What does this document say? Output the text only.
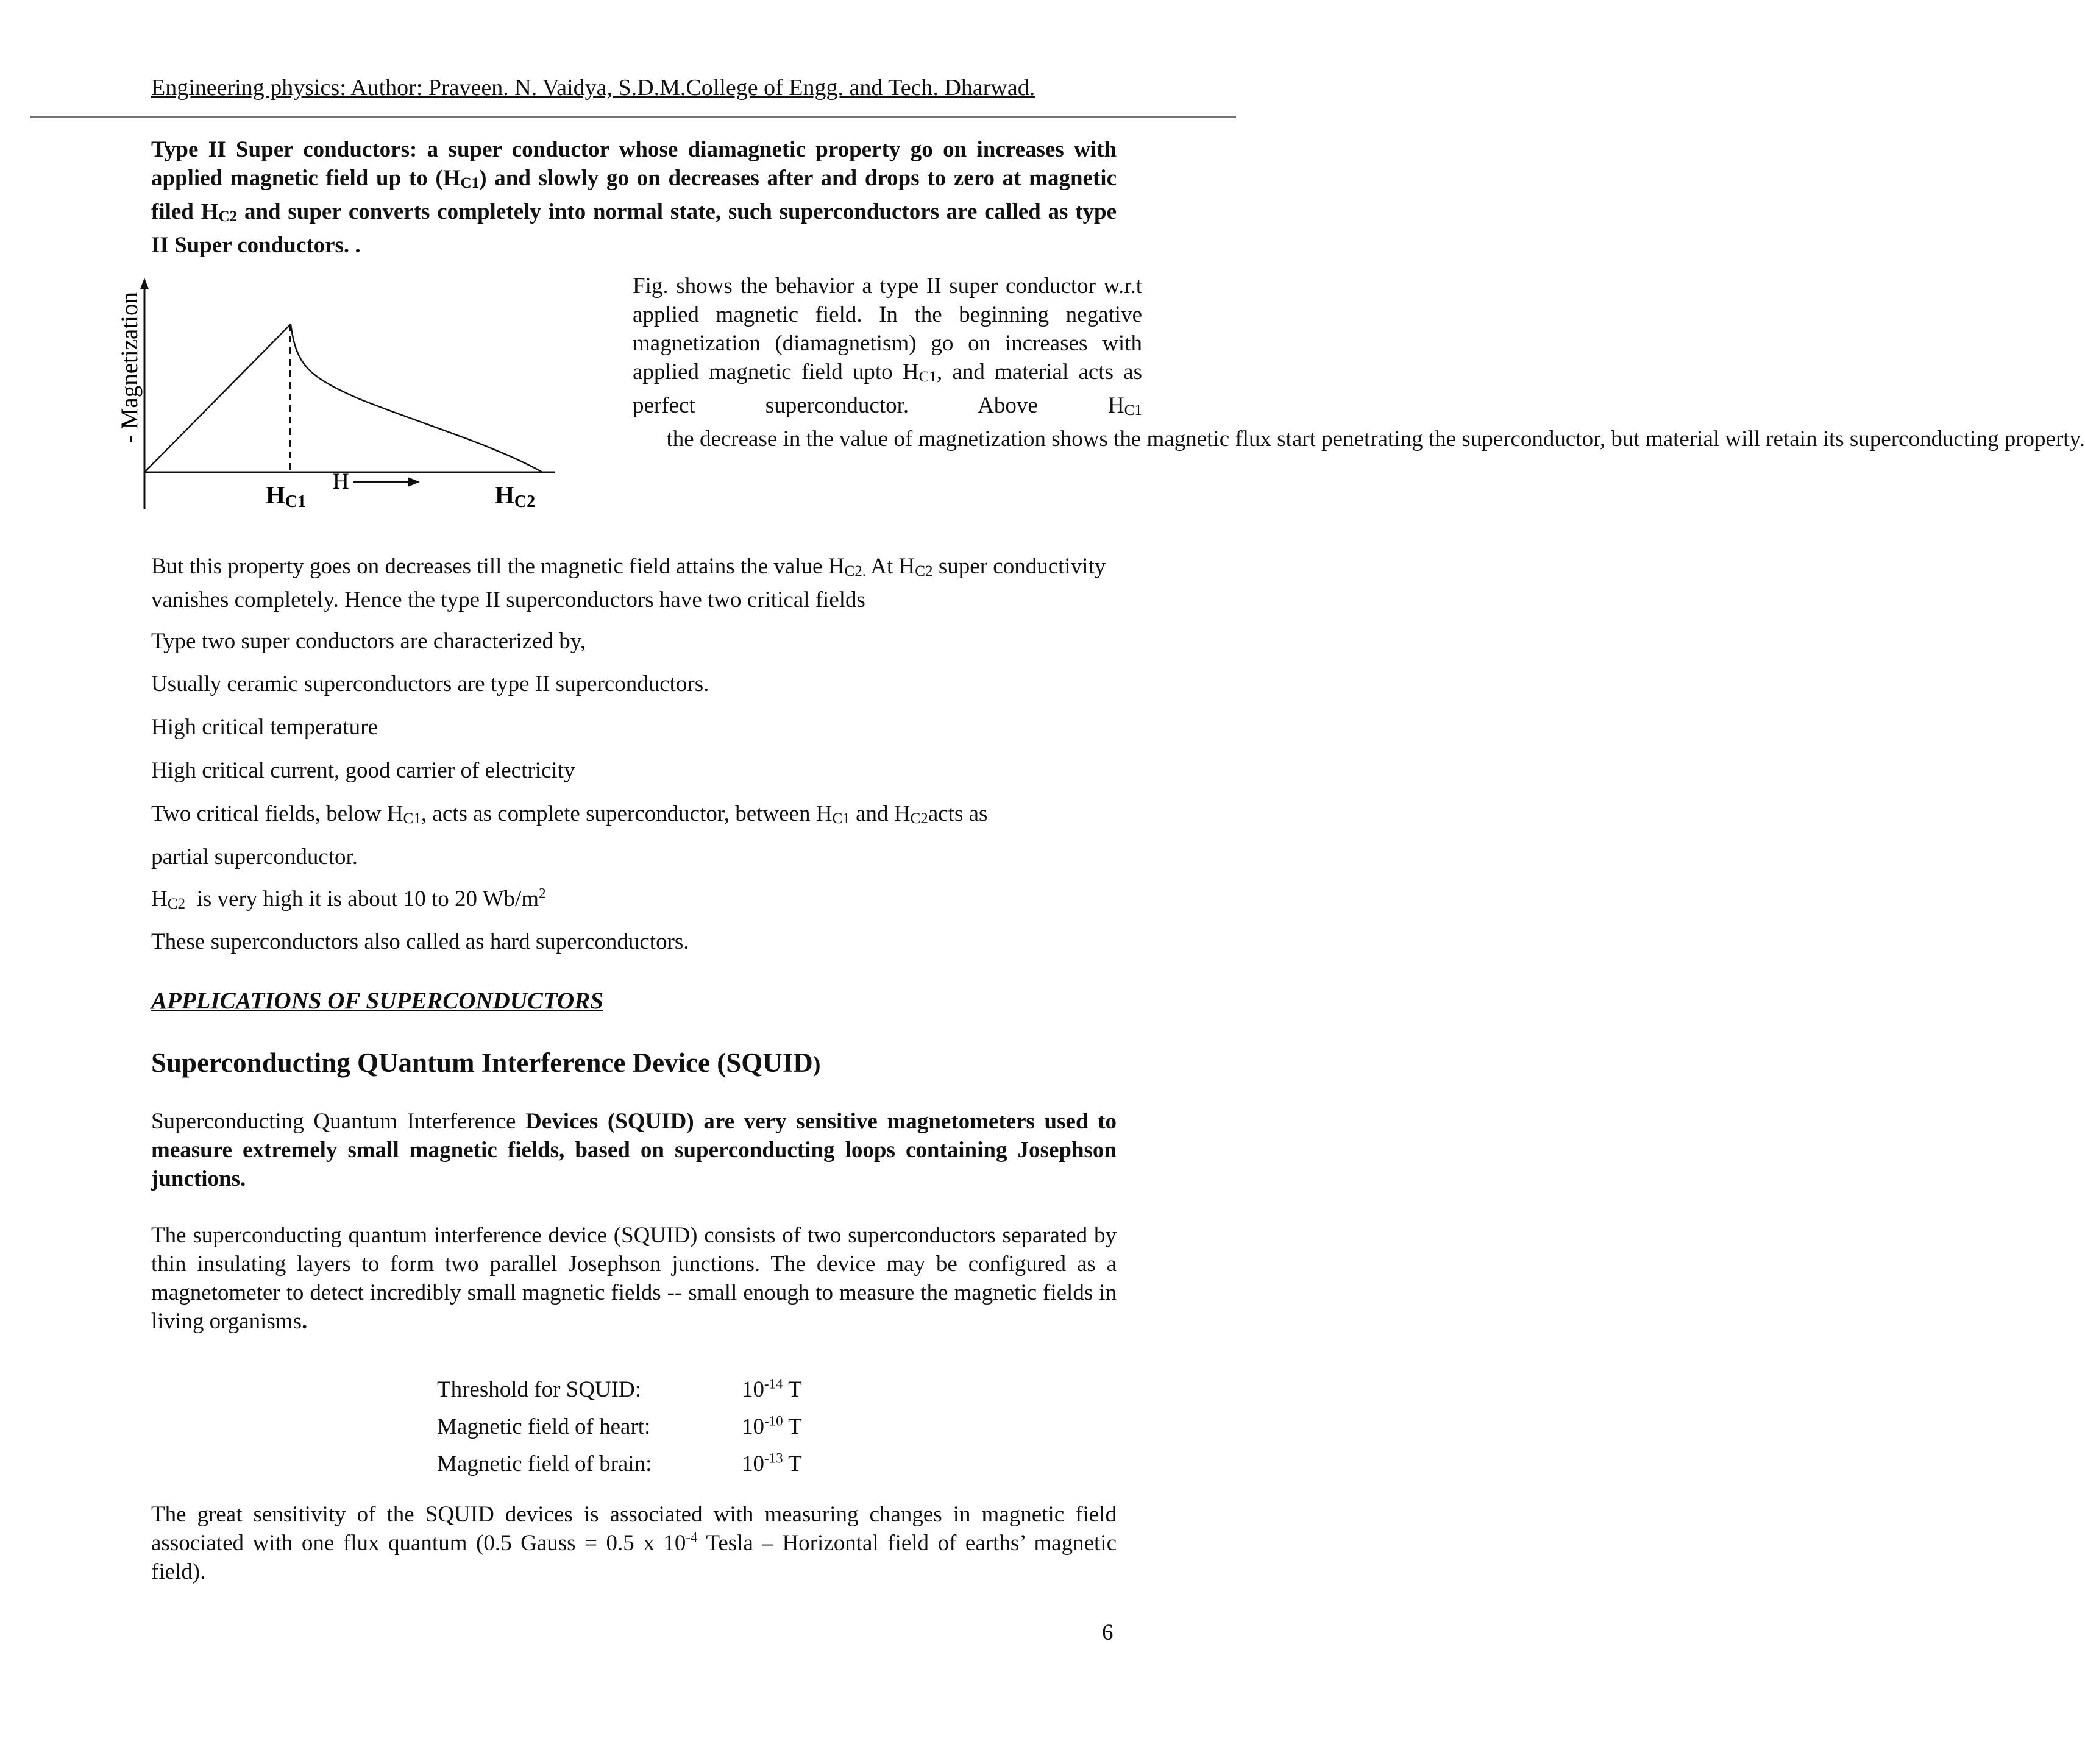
Engineering physics: Author: Praveen. N. Vaidya, S.D.M.College of Engg. and Tech. Dharwad.

Type II Super conductors: a super conductor whose diamagnetic property go on increases with applied magnetic field up to (HC1) and slowly go on decreases after and drops to zero at magnetic filed HC2 and super converts completely into normal state, such superconductors are called as type II Super conductors. .

- Magnetization
H
HC1	HC2

Fig. shows the behavior a type II super conductor w.r.t applied magnetic field. In the beginning negative magnetization (diamagnetism) go on increases with applied magnetic field upto HC1, and material acts as perfect superconductor. Above HC1      the decrease in the value of magnetization shows the magnetic flux start penetrating the superconductor, but material will retain its superconducting property.

But this property goes on decreases till the magnetic field attains the value HC2. At HC2 super conductivity vanishes completely. Hence the type II superconductors have two critical fields

Type two super conductors are characterized by,

Usually ceramic superconductors are type II superconductors.

High critical temperature

High critical current, good carrier of electricity

Two critical fields, below HC1, acts as complete superconductor, between HC1 and HC2acts as

partial superconductor.

HC2  is very high it is about 10 to 20 $Wb/m^2$

These superconductors also called as hard superconductors.

APPLICATIONS OF SUPERCONDUCTORS
Superconducting QUantum Interference Device (SQUID)

Superconducting Quantum Interference Devices (SQUID) are very sensitive magnetometers used to measure extremely small magnetic fields, based on superconducting loops containing Josephson junctions.

The superconducting quantum interference device (SQUID) consists of two superconductors separated by thin insulating layers to form two parallel Josephson junctions. The device may be configured as a magnetometer to detect incredibly small magnetic fields -- small enough to measure the magnetic fields in living organisms.

Threshold for SQUID:	$10^{-14}$ T
Magnetic field of heart:	$10^{-10}$ T
Magnetic field of brain:	$10^{-13}$ T

The great sensitivity of the SQUID devices is associated with measuring changes in magnetic field associated with one flux quantum (0.5 Gauss = 0.5 x $10^{-4}$ Tesla – Horizontal field of earths’ magnetic field).

6
